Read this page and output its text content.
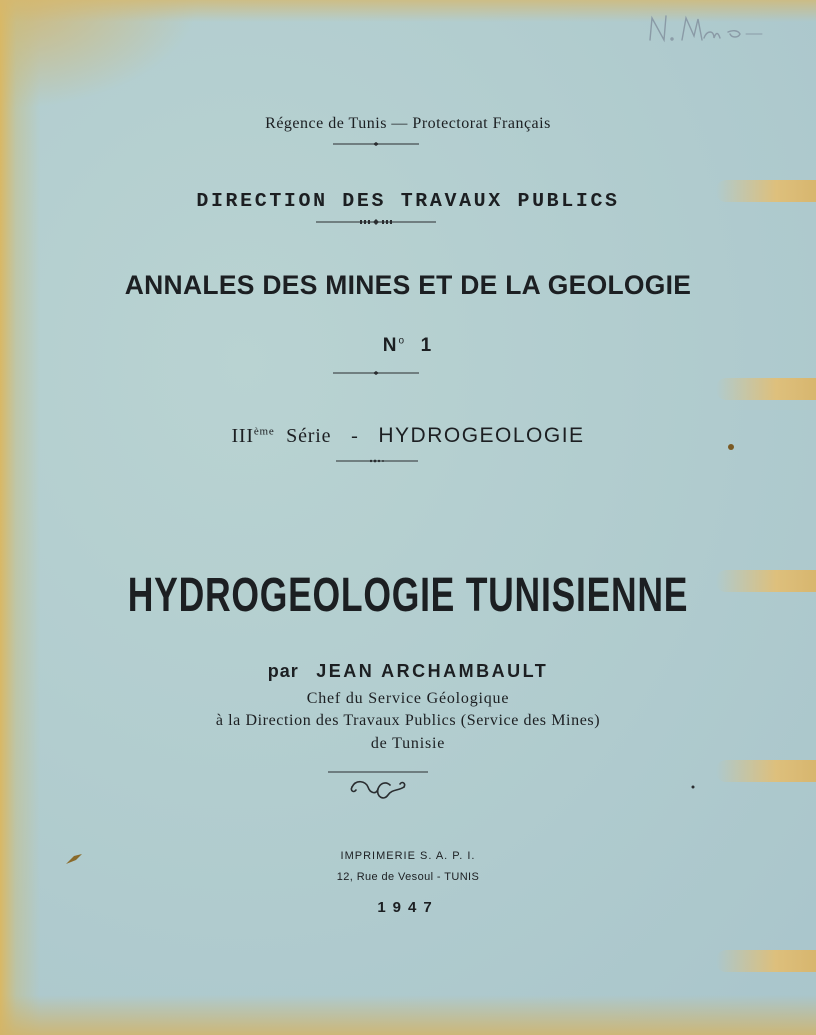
Régence de Tunis — Protectorat Français
DIRECTION DES TRAVAUX PUBLICS
ANNALES DES MINES ET DE LA GEOLOGIE
$N^o$ 1
IIIème Série - HYDROGEOLOGIE
HYDROGEOLOGIE TUNISIENNE
par JEAN ARCHAMBAULT
Chef du Service Géologique
à la Direction des Travaux Publics (Service des Mines)
de Tunisie
IMPRIMERIE S. A. P. I.
12, Rue de Vesoul - TUNIS
1947
